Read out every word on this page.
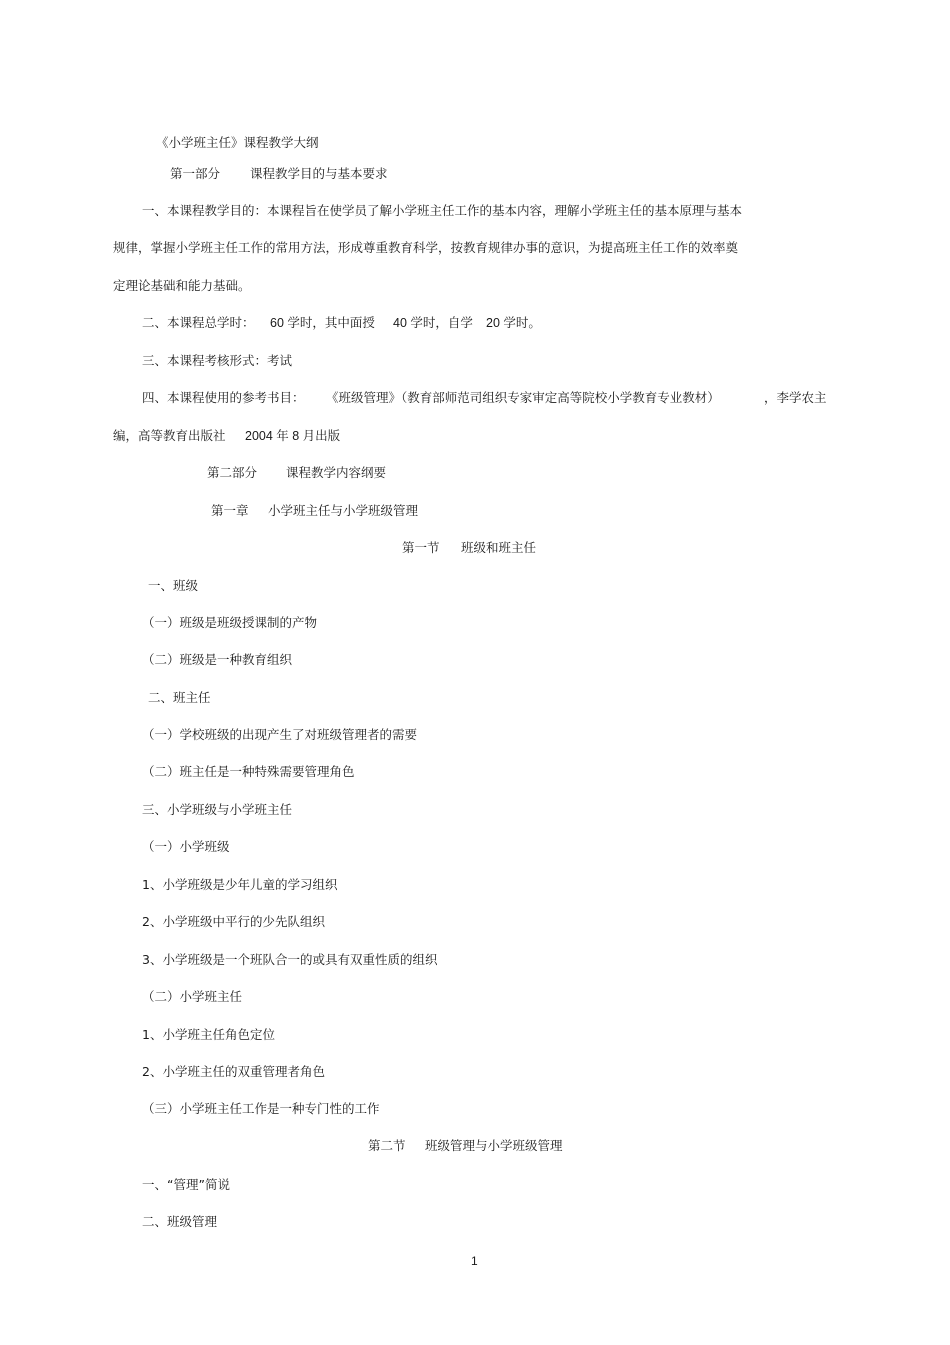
《小学班主任》课程教学大纲
第一部分 课程教学目的与基本要求
一、本课程教学目的：本课程旨在使学员了解小学班主任工作的基本内容，理解小学班主任的基本原理与基本
规律，掌握小学班主任工作的常用方法，形成尊重教育科学，按教育规律办事的意识，为提高班主任工作的效率奠
定理论基础和能力基础。
二、本课程总学时： 60 学时，其中面授 40 学时，自学 20 学时。
三、本课程考核形式：考试
四、本课程使用的参考书目： 《班级管理》（教育部师范司组织专家审定高等院校小学教育专业教材）	，李学农主
编，高等教育出版社 2004 年 8 月出版
第二部分 课程教学内容纲要
第一章 小学班主任与小学班级管理
第一节 班级和班主任
一、班级
（一）班级是班级授课制的产物
（二）班级是一种教育组织
二、班主任
（一）学校班级的出现产生了对班级管理者的需要
（二）班主任是一种特殊需要管理角色
三、小学班级与小学班主任
（一）小学班级
1、小学班级是少年儿童的学习组织
2、小学班级中平行的少先队组织
3、小学班级是一个班队合一的或具有双重性质的组织
（二）小学班主任
1、小学班主任角色定位
2、小学班主任的双重管理者角色
（三）小学班主任工作是一种专门性的工作
第二节 班级管理与小学班级管理
一、“管理”简说
二、班级管理
1
